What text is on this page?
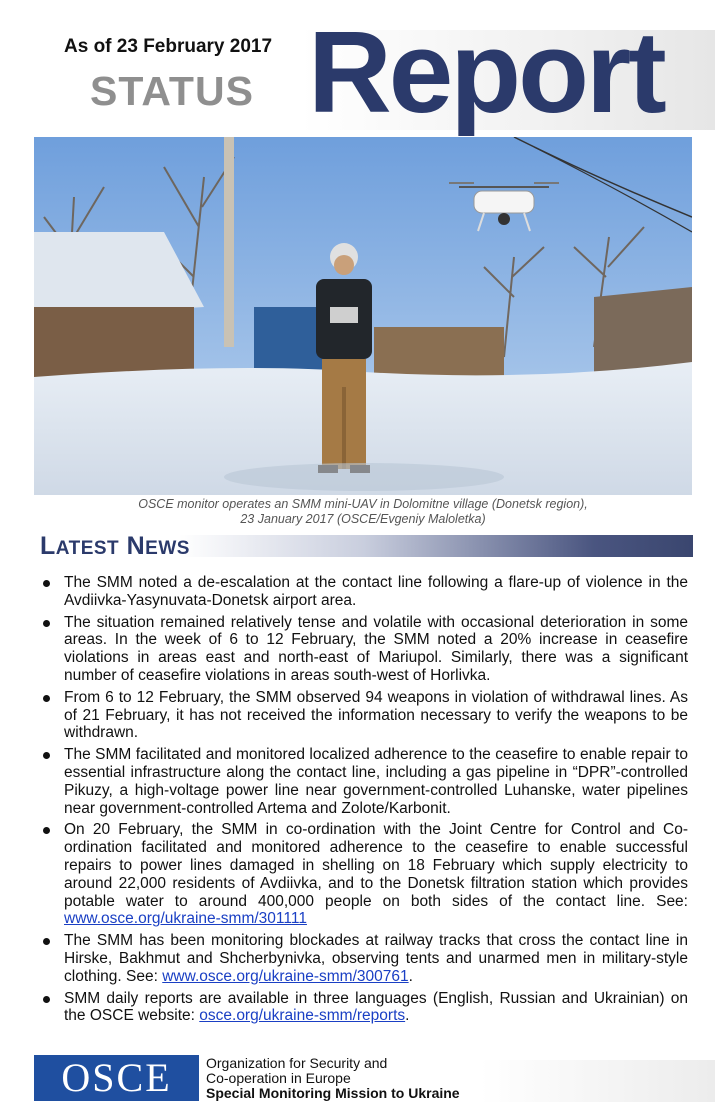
As of 23 February 2017
STATUS Report
OSCE monitor operates an SMM mini-UAV in Dolomitne village (Donetsk region),
23 January 2017 (OSCE/Evgeniy Maloletka)
LATEST NEWS
The SMM noted a de-escalation at the contact line following a flare-up of violence in the Avdiivka-Yasynuvata-Donetsk airport area.
The situation remained relatively tense and volatile with occasional deterioration in some areas. In the week of 6 to 12 February, the SMM noted a 20% increase in ceasefire violations in areas east and north-east of Mariupol. Similarly, there was a significant number of ceasefire violations in areas south-west of Horlivka.
From 6 to 12 February, the SMM observed 94 weapons in violation of withdrawal lines. As of 21 February, it has not received the information necessary to verify the weapons to be withdrawn.
The SMM facilitated and monitored localized adherence to the ceasefire to enable repair to essential infrastructure along the contact line, including a gas pipeline in “DPR”-controlled Pikuzy, a high-voltage power line near government-controlled Luhanske, water pipelines near government-controlled Artema and Zolote/Karbonit.
On 20 February, the SMM in co-ordination with the Joint Centre for Control and Co-ordination facilitated and monitored adherence to the ceasefire to enable successful repairs to power lines damaged in shelling on 18 February which supply electricity to around 22,000 residents of Avdiivka, and to the Donetsk filtration station which provides potable water to around 400,000 people on both sides of the contact line. See: www.osce.org/ukraine-smm/301111
The SMM has been monitoring blockades at railway tracks that cross the contact line in Hirske, Bakhmut and Shcherbynivka, observing tents and unarmed men in military-style clothing. See: www.osce.org/ukraine-smm/300761.
SMM daily reports are available in three languages (English, Russian and Ukrainian) on the OSCE website: osce.org/ukraine-smm/reports.
OSCE	Organization for Security and
Co-operation in Europe
Special Monitoring Mission to Ukraine
